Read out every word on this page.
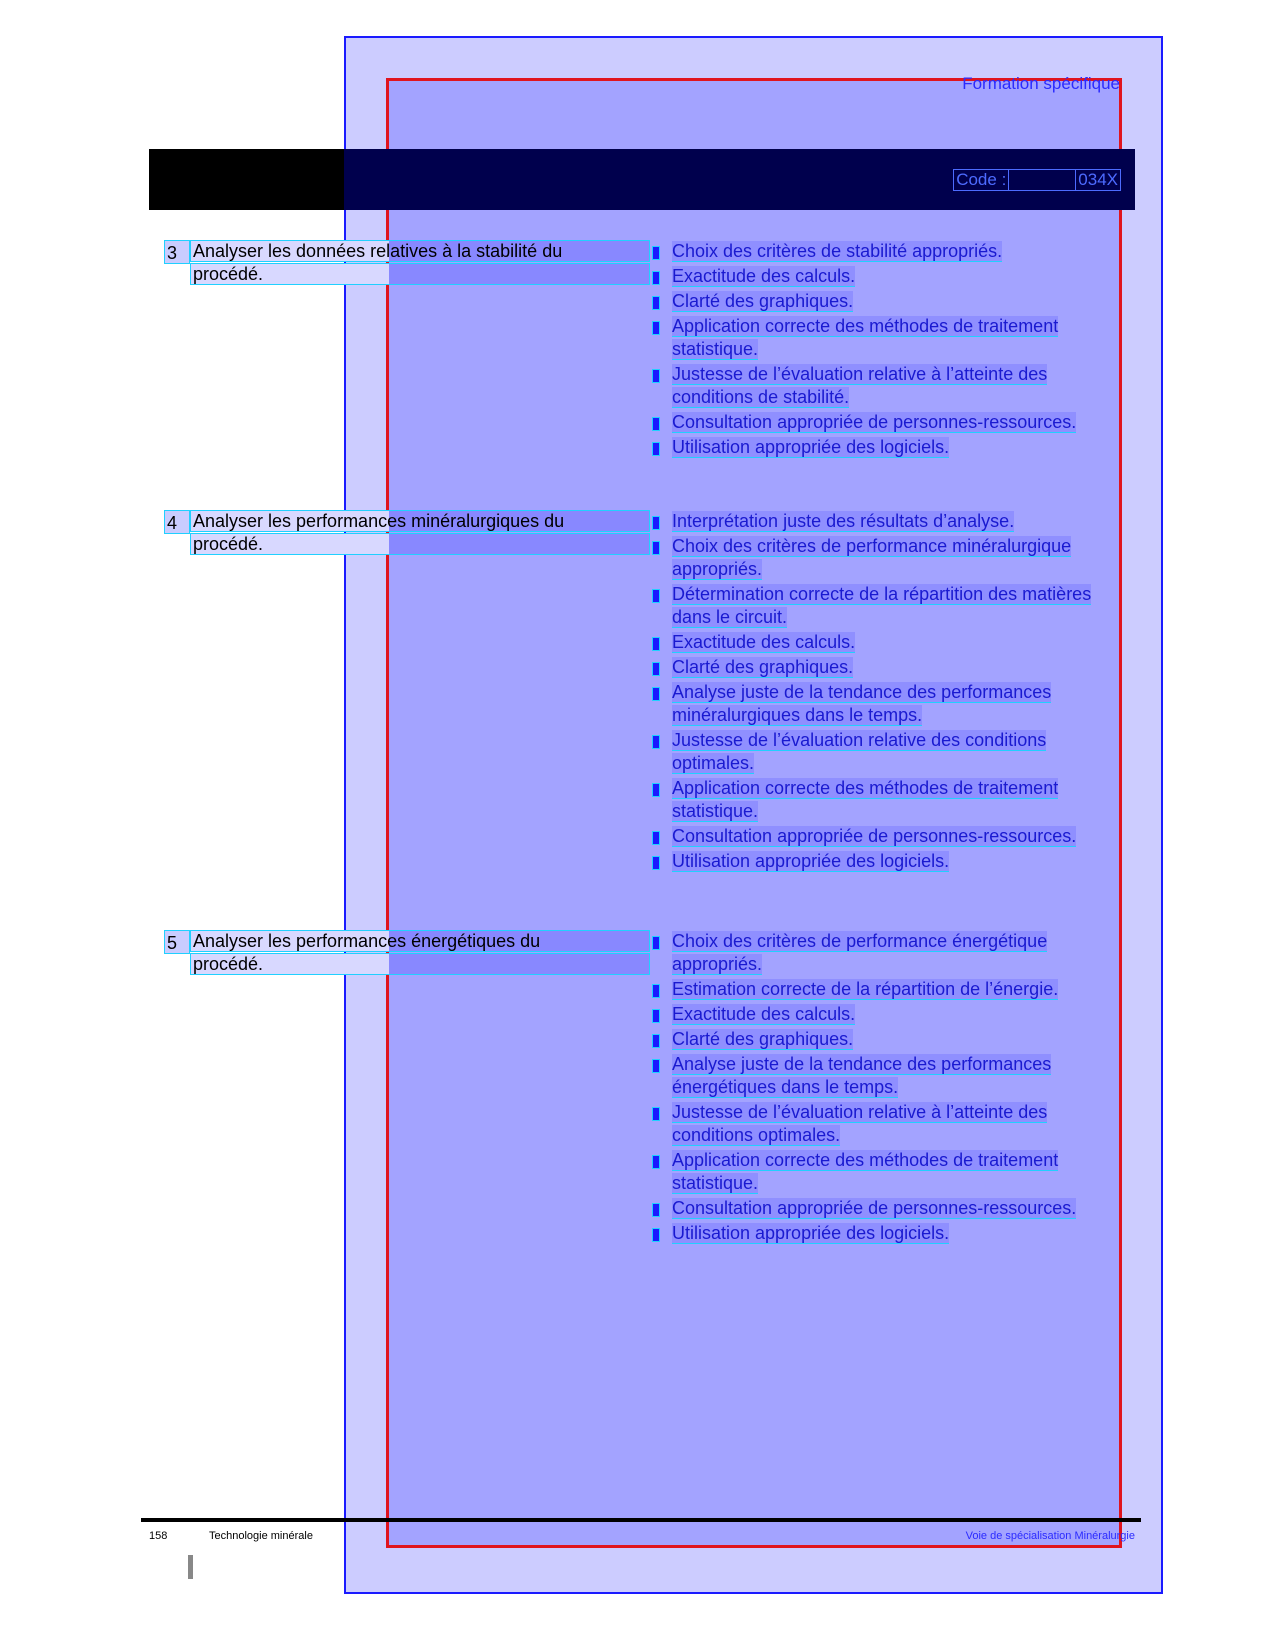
Formation spécifique
Code :	034X
3 Analyser les données relatives à la stabilité du
procédé.
Choix des critères de stabilité appropriés.
Exactitude des calculs.
Clarté des graphiques.
Application correcte des méthodes de traitement statistique.
Justesse de l’évaluation relative à l’atteinte des conditions de stabilité.
Consultation appropriée de personnes-ressources.
Utilisation appropriée des logiciels.
4 Analyser les performances minéralurgiques du
procédé.
Interprétation juste des résultats d’analyse.
Choix des critères de performance minéralurgique appropriés.
Détermination correcte de la répartition des matières dans le circuit.
Exactitude des calculs.
Clarté des graphiques.
Analyse juste de la tendance des performances minéralurgiques dans le temps.
Justesse de l’évaluation relative des conditions optimales.
Application correcte des méthodes de traitement statistique.
Consultation appropriée de personnes-ressources.
Utilisation appropriée des logiciels.
5 Analyser les performances énergétiques du
procédé.
Choix des critères de performance énergétique appropriés.
Estimation correcte de la répartition de l’énergie.
Exactitude des calculs.
Clarté des graphiques.
Analyse juste de la tendance des performances énergétiques dans le temps.
Justesse de l’évaluation relative à l’atteinte des conditions optimales.
Application correcte des méthodes de traitement statistique.
Consultation appropriée de personnes-ressources.
Utilisation appropriée des logiciels.
158	Technologie minérale	Voie de spécialisation Minéralurgie
